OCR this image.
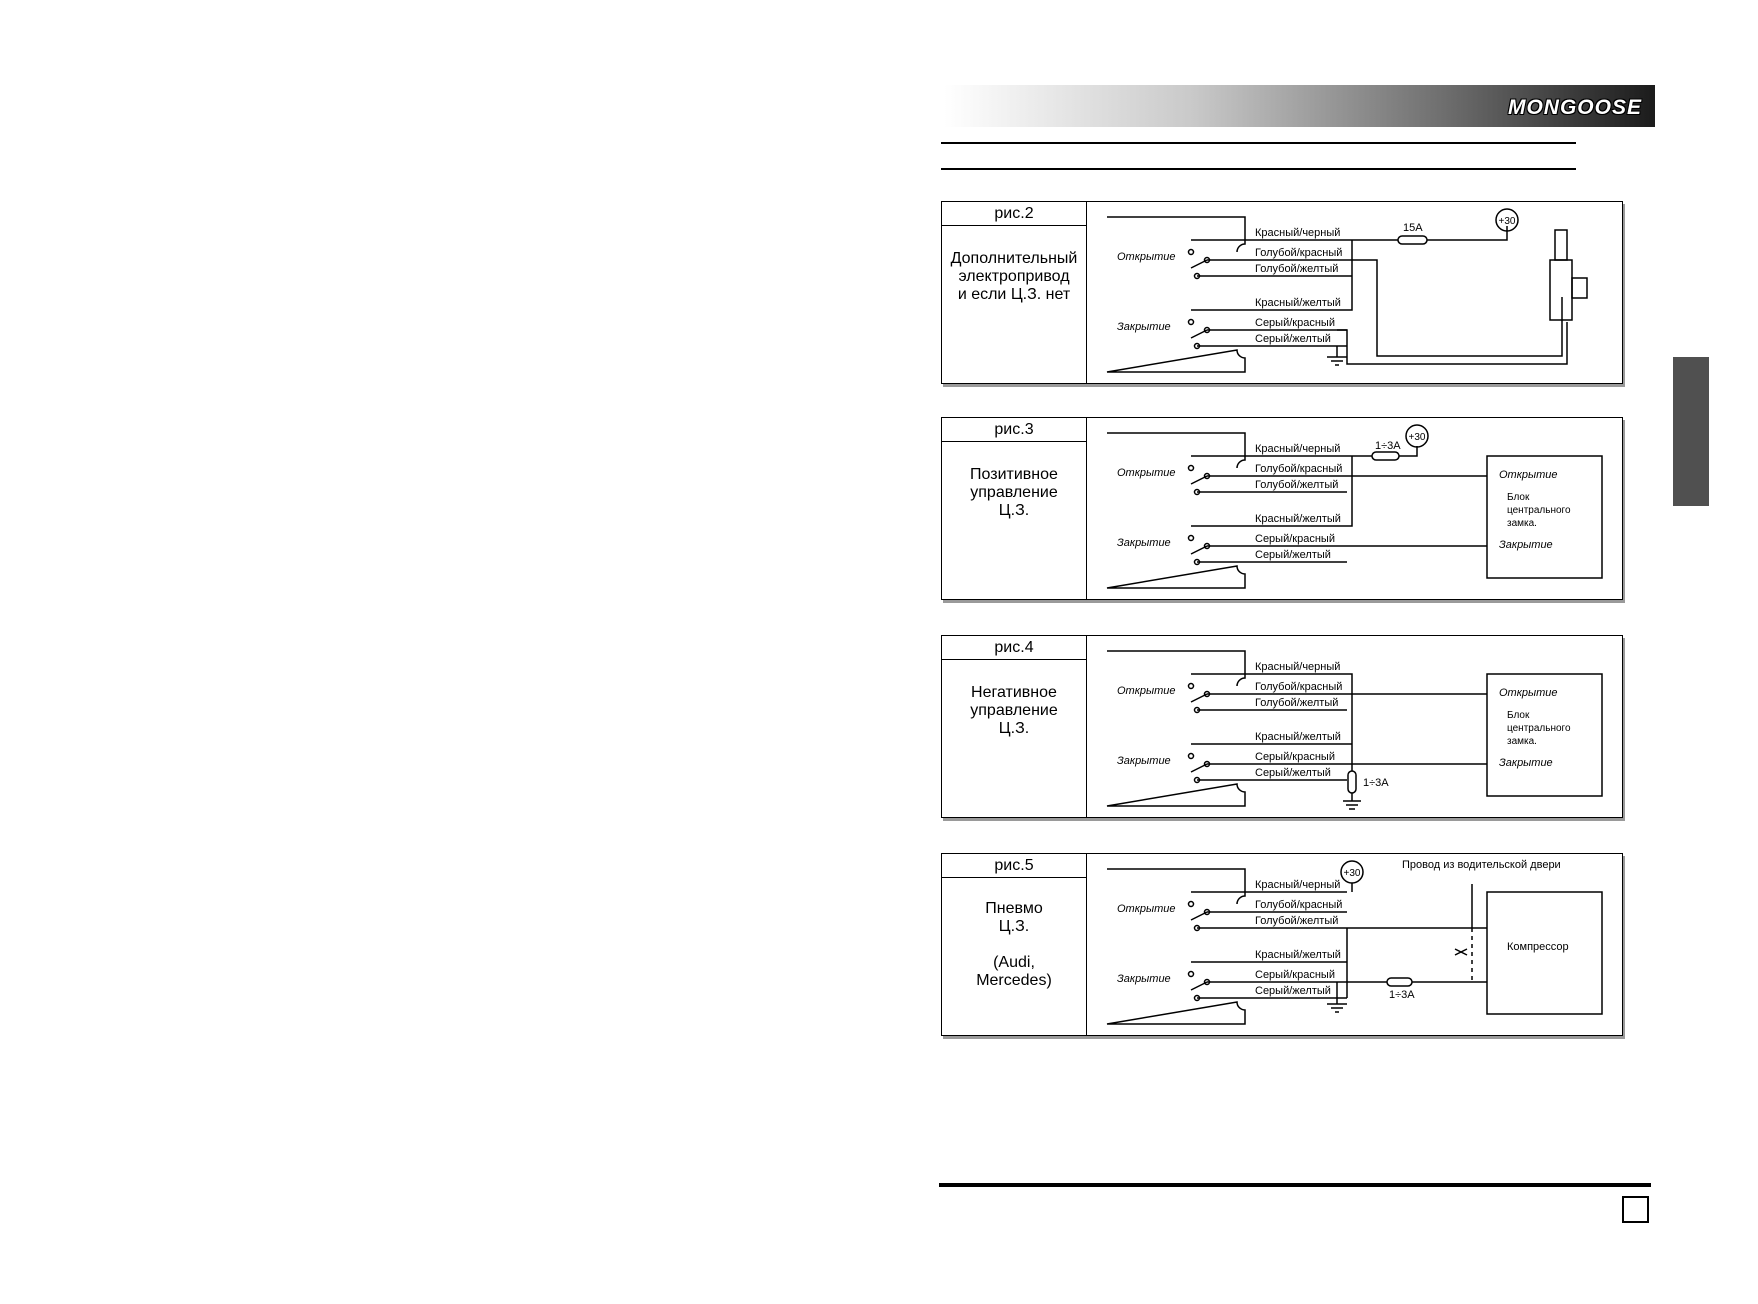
MONGOOSE
рис.2
Дополнительный
электропривод
и если Ц.З. нет
Открытие
Закрытие
Красный/черный
Голубой/красный
Голубой/желтый
Красный/желтый
Серый/красный
Серый/желтый
15А
+30
рис.3
Позитивное
управление
Ц.З.
Открытие
Закрытие
Красный/черный
Голубой/красный
Голубой/желтый
Красный/желтый
Серый/красный
Серый/желтый
1÷3А
+30
Открытие
Блок
центрального
замка.
Закрытие
рис.4
Негативное
управление
Ц.З.
Открытие
Закрытие
Красный/черный
Голубой/красный
Голубой/желтый
Красный/желтый
Серый/красный
Серый/желтый
1÷3А
Открытие
Блок
центрального
замка.
Закрытие
рис.5
Пневмо
Ц.З.
(Audi,
Mercedes)
Открытие
Закрытие
Красный/черный
Голубой/красный
Голубой/желтый
Красный/желтый
Серый/красный
Серый/желтый	1÷3А
+30
Провод из водительской двери
Компрессор
